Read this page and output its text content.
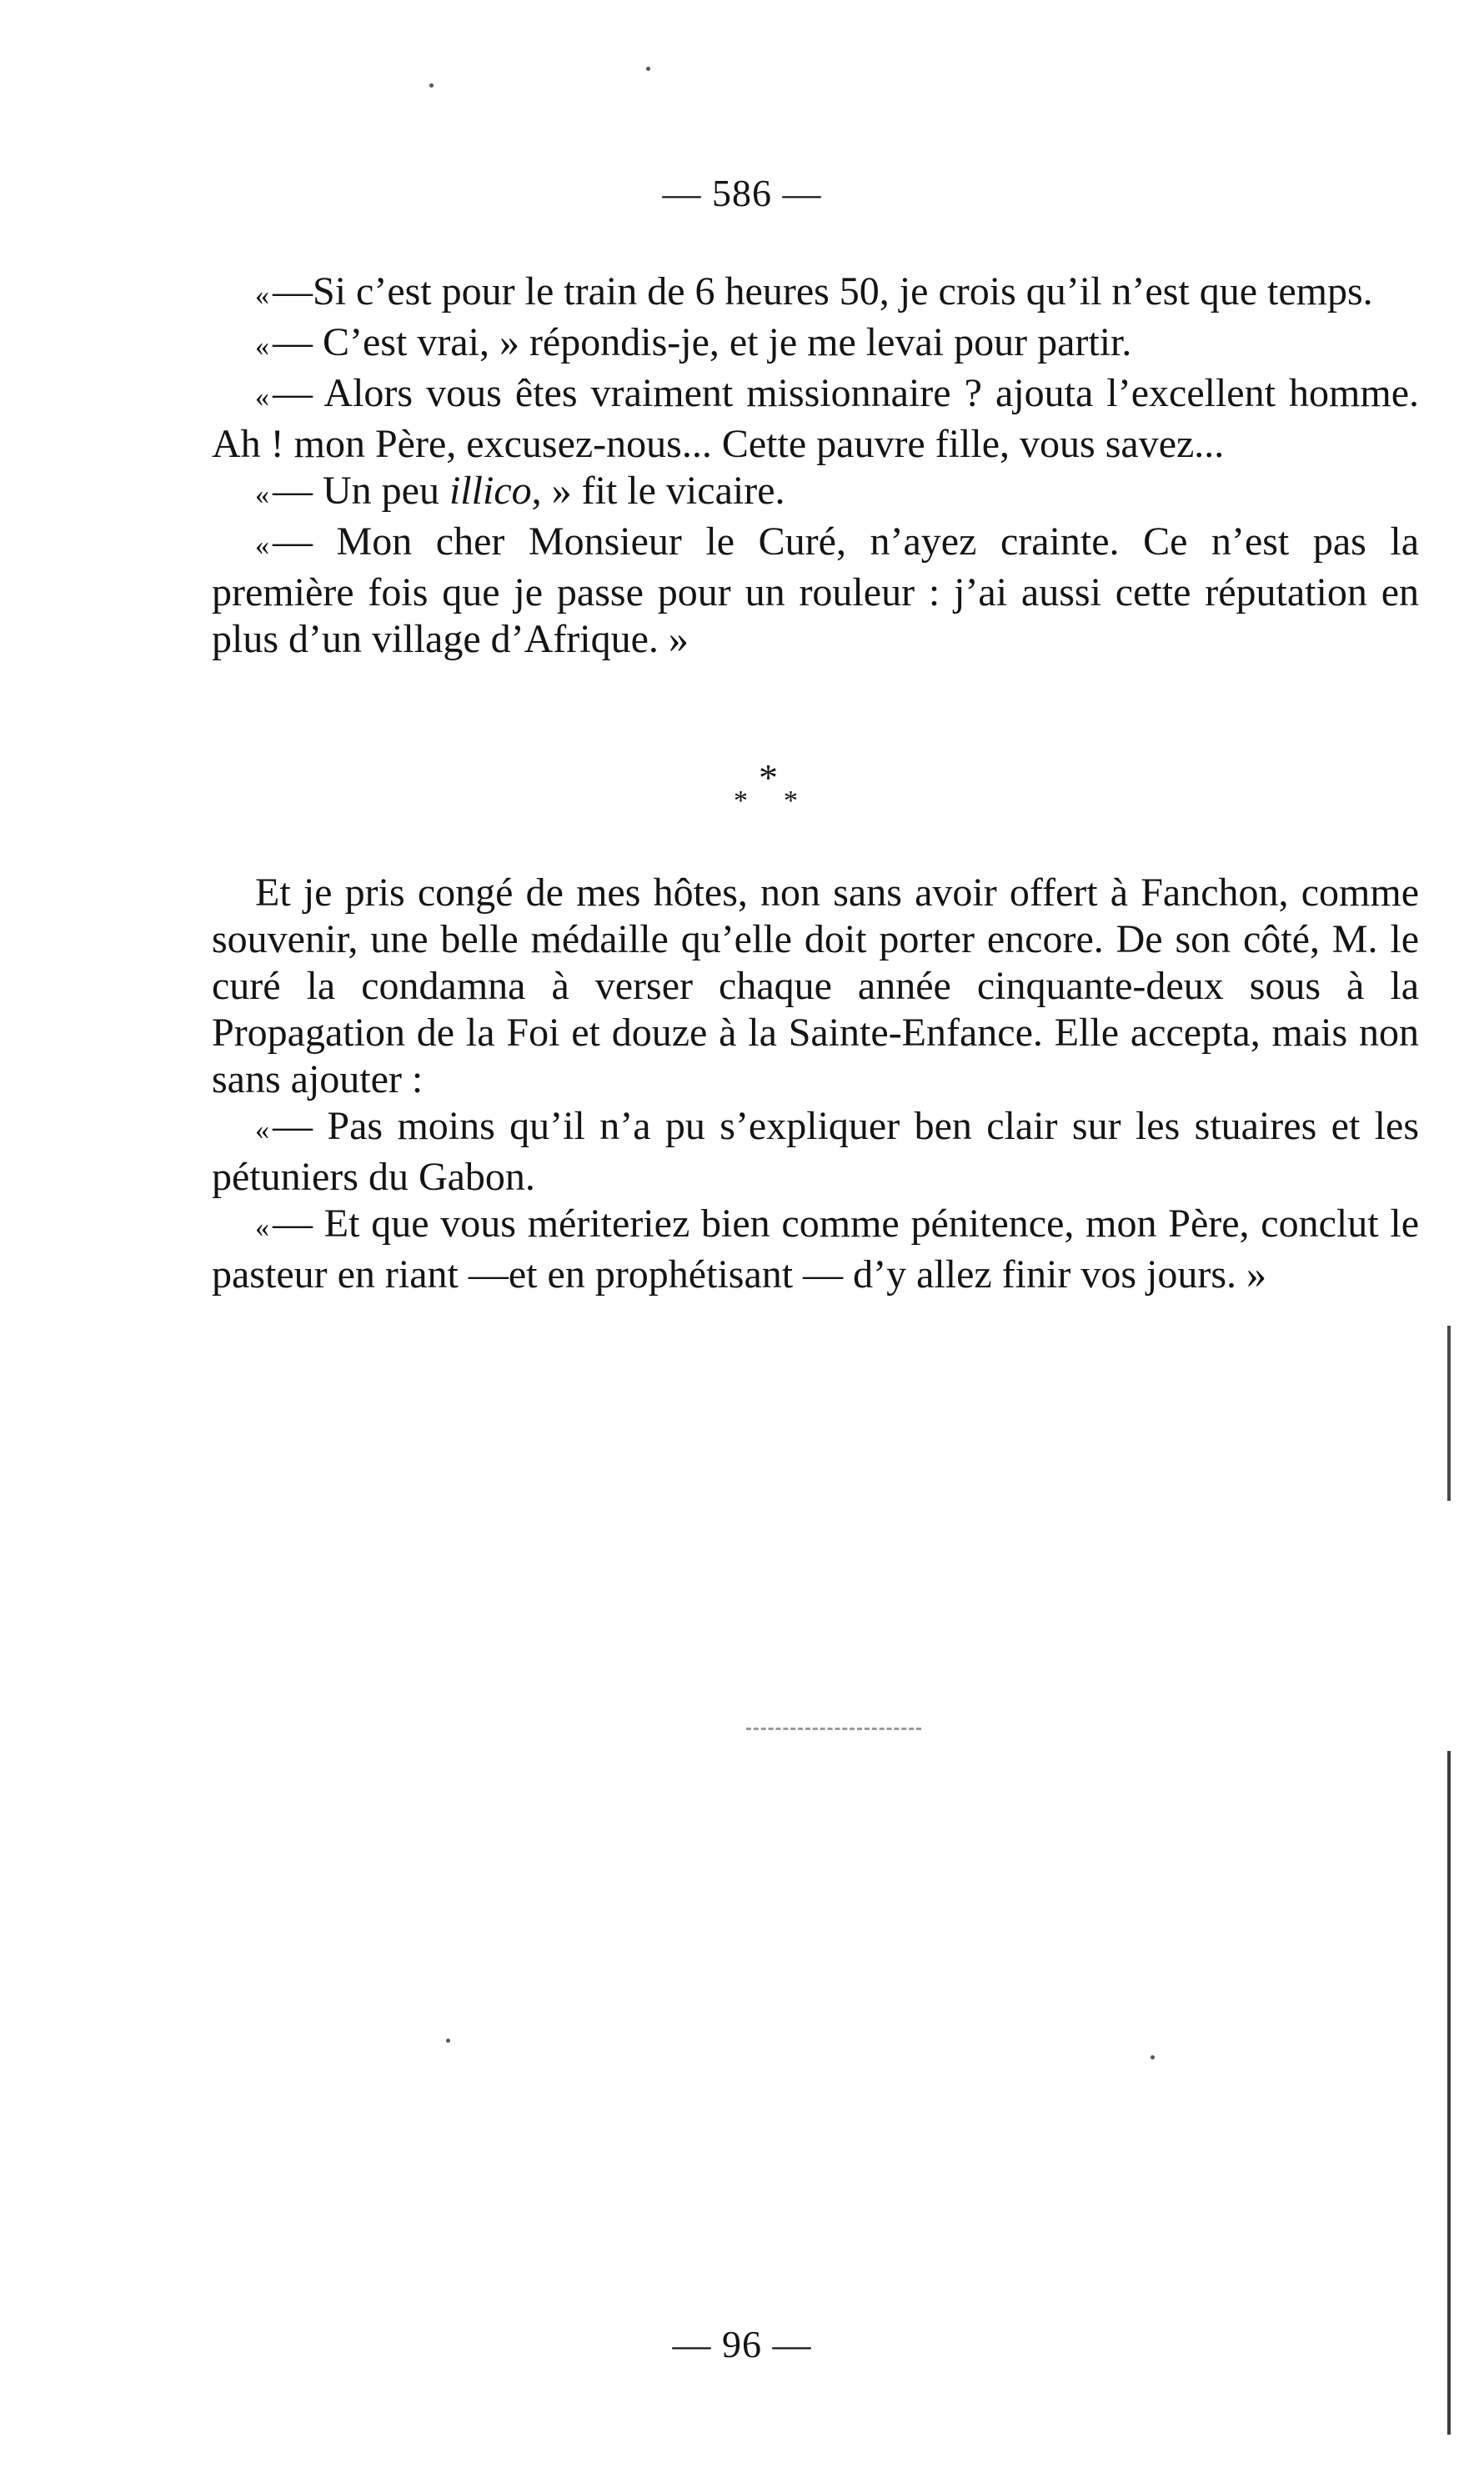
— 586 —

«—Si c’est pour le train de 6 heures 50, je crois qu’il n’est que temps.

«— C’est vrai, » répondis-je, et je me levai pour partir.

«— Alors vous êtes vraiment missionnaire ? ajouta l’excellent homme. Ah ! mon Père, excusez-nous... Cette pauvre fille, vous savez...

«— Un peu illico, » fit le vicaire.

«— Mon cher Monsieur le Curé, n’ayez crainte. Ce n’est pas la première fois que je passe pour un rouleur : j’ai aussi cette réputation en plus d’un village d’Afrique. »

*
* *

Et je pris congé de mes hôtes, non sans avoir offert à Fanchon, comme souvenir, une belle médaille qu’elle doit porter encore. De son côté, M. le curé la condamna à verser chaque année cinquante-deux sous à la Propagation de la Foi et douze à la Sainte-Enfance. Elle accepta, mais non sans ajouter :

«— Pas moins qu’il n’a pu s’expliquer ben clair sur les stuaires et les pétuniers du Gabon.

«— Et que vous mériteriez bien comme pénitence, mon Père, conclut le pasteur en riant —et en prophétisant — d’y allez finir vos jours. »

— 96 —
